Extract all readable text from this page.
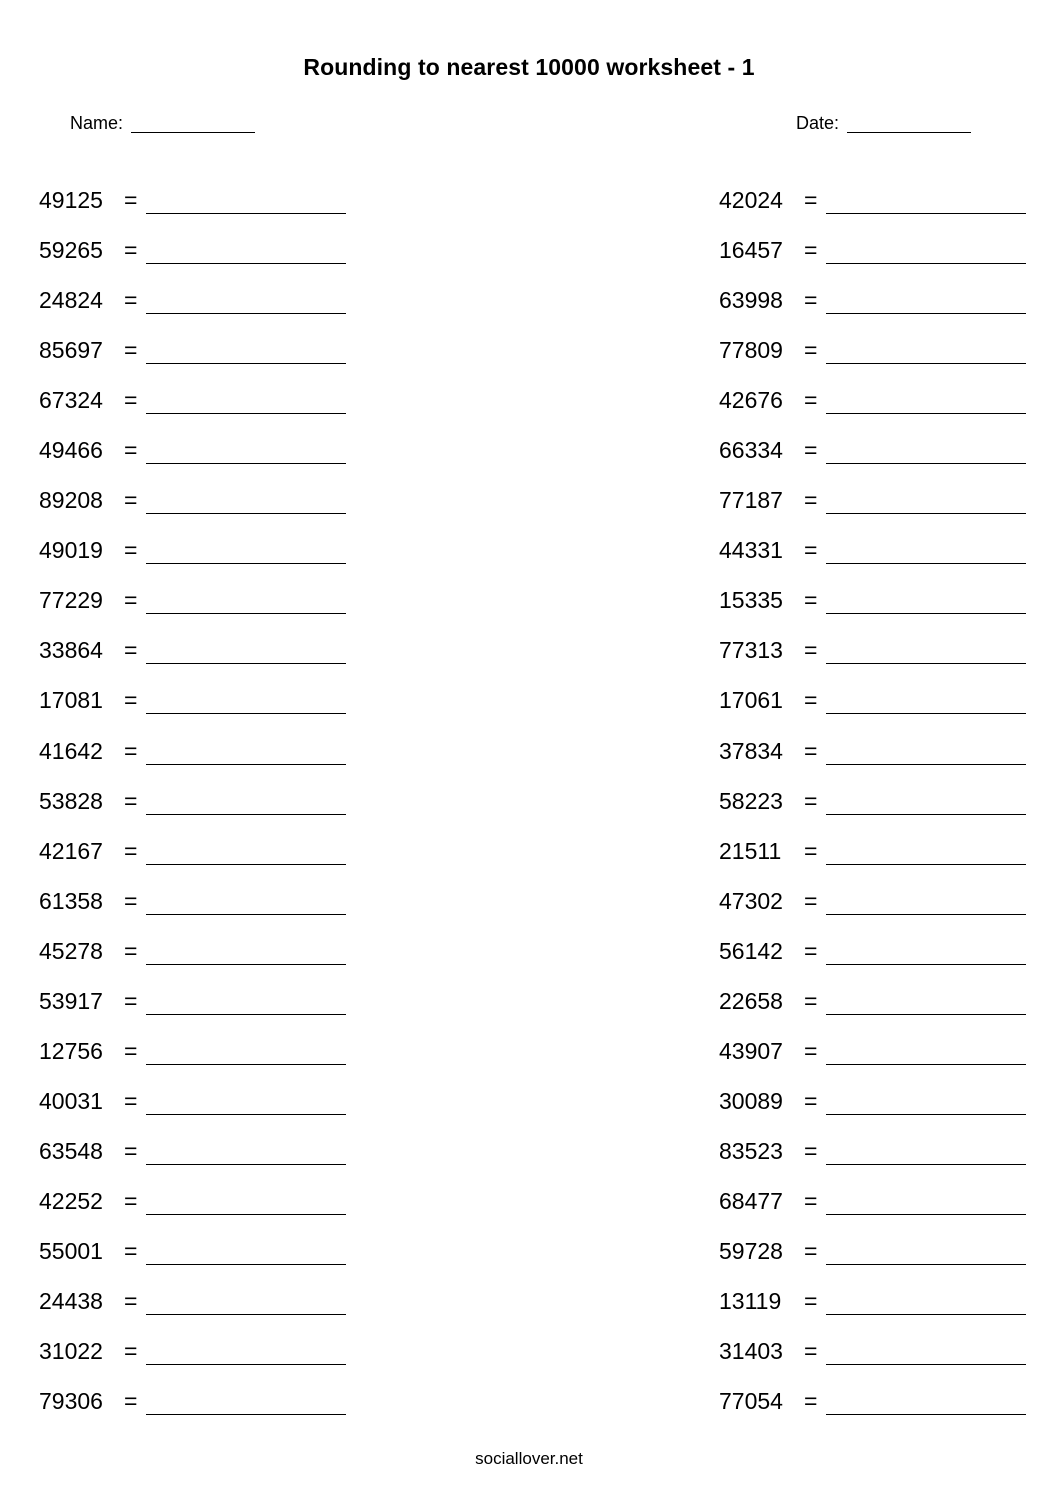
Rounding to nearest 10000 worksheet - 1
Name:	Date:
49125 =
59265 =
24824 =
85697 =
67324 =
49466 =
89208 =
49019 =
77229 =
33864 =
17081 =
41642 =
53828 =
42167 =
61358 =
45278 =
53917 =
12756 =
40031 =
63548 =
42252 =
55001 =
24438 =
31022 =
79306 =
42024 =
16457 =
63998 =
77809 =
42676 =
66334 =
77187 =
44331 =
15335 =
77313 =
17061 =
37834 =
58223 =
21511 =
47302 =
56142 =
22658 =
43907 =
30089 =
83523 =
68477 =
59728 =
13119 =
31403 =
77054 =
sociallover.net
